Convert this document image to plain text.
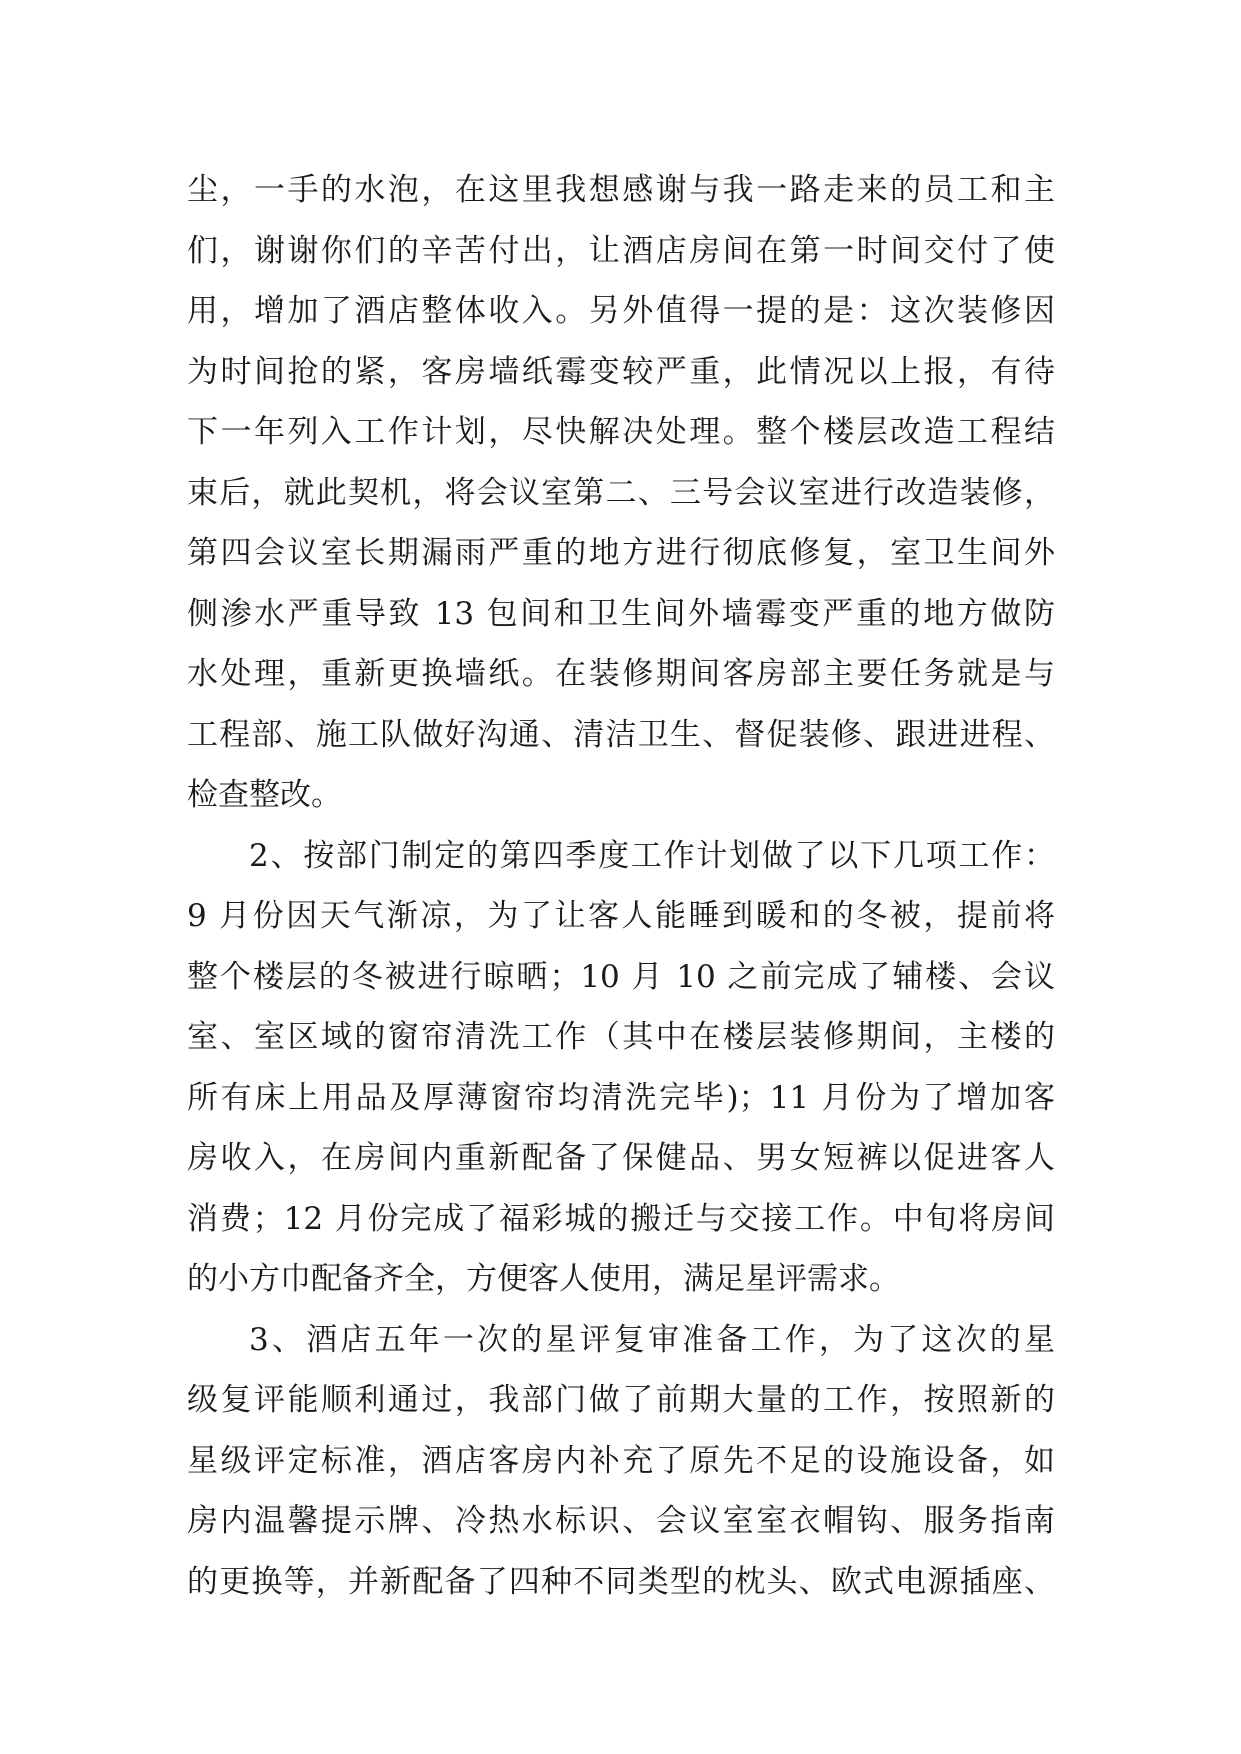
尘，一手的水泡，在这里我想感谢与我一路走来的员工和主
们，谢谢你们的辛苦付出，让酒店房间在第一时间交付了使
用，增加了酒店整体收入。另外值得一提的是：这次装修因
为时间抢的紧，客房墙纸霉变较严重，此情况以上报，有待
下一年列入工作计划，尽快解决处理。整个楼层改造工程结
束后，就此契机，将会议室第二、三号会议室进行改造装修，
第四会议室长期漏雨严重的地方进行彻底修复，室卫生间外
侧渗水严重导致 13 包间和卫生间外墙霉变严重的地方做防
水处理，重新更换墙纸。在装修期间客房部主要任务就是与
工程部、施工队做好沟通、清洁卫生、督促装修、跟进进程、
检查整改。
2、按部门制定的第四季度工作计划做了以下几项工作：
9 月份因天气渐凉，为了让客人能睡到暖和的冬被，提前将
整个楼层的冬被进行晾晒；10 月 10 之前完成了辅楼、会议
室、室区域的窗帘清洗工作（其中在楼层装修期间，主楼的
所有床上用品及厚薄窗帘均清洗完毕)；11 月份为了增加客
房收入，在房间内重新配备了保健品、男女短裤以促进客人
消费；12 月份完成了福彩城的搬迁与交接工作。中旬将房间
的小方巾配备齐全，方便客人使用，满足星评需求。
3、酒店五年一次的星评复审准备工作，为了这次的星
级复评能顺利通过，我部门做了前期大量的工作，按照新的
星级评定标准，酒店客房内补充了原先不足的设施设备，如
房内温馨提示牌、冷热水标识、会议室室衣帽钩、服务指南
的更换等，并新配备了四种不同类型的枕头、欧式电源插座、
